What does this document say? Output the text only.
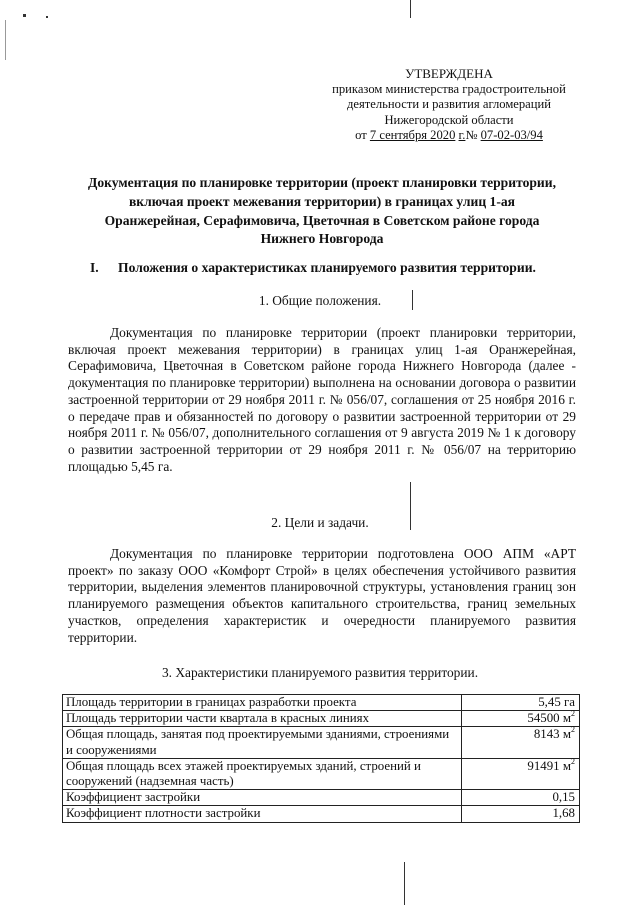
УТВЕРЖДЕНА
приказом министерства градостроительной
деятельности и развития агломераций
Нижегородской области
от 7 сентября 2020 г.№ 07-02-03/94
Документация по планировке территории (проект планировки территории,
включая проект межевания территории) в границах улиц 1-ая
Оранжерейная, Серафимовича, Цветочная в Советском районе города
Нижнего Новгорода
I. Положения о характеристиках планируемого развития территории.
1. Общие положения.
Документация по планировке территории (проект планировки территории, включая проект межевания территории) в границах улиц 1-ая Оранжерейная, Серафимовича, Цветочная в Советском районе города Нижнего Новгорода (далее - документация по планировке территории) выполнена на основании договора о развитии застроенной территории от 29 ноября 2011 г. № 056/07, соглашения от 25 ноября 2016 г. о передаче прав и обязанностей по договору о развитии застроенной территории от 29 ноября 2011 г. № 056/07, дополнительного соглашения от 9 августа 2019 № 1 к договору о развитии застроенной территории от 29 ноября 2011 г. № 056/07 на территорию площадью 5,45 га.
2. Цели и задачи.
Документация по планировке территории подготовлена ООО АПМ «АРТ проект» по заказу ООО «Комфорт Строй» в целях обеспечения устойчивого развития территории, выделения элементов планировочной структуры, установления границ зон планируемого размещения объектов капитального строительства, границ земельных участков, определения характеристик и очередности планируемого развития территории.
3. Характеристики планируемого развития территории.
Площадь территории в границах разработки проекта	5,45 га
Площадь территории части квартала в красных линиях	54500 $м^2$
Общая площадь, занятая под проектируемыми зданиями, строениями и сооружениями	8143 $м^2$
Общая площадь всех этажей проектируемых зданий, строений и сооружений (надземная часть)	91491 $м^2$
Коэффициент застройки	0,15
Коэффициент плотности застройки	1,68
